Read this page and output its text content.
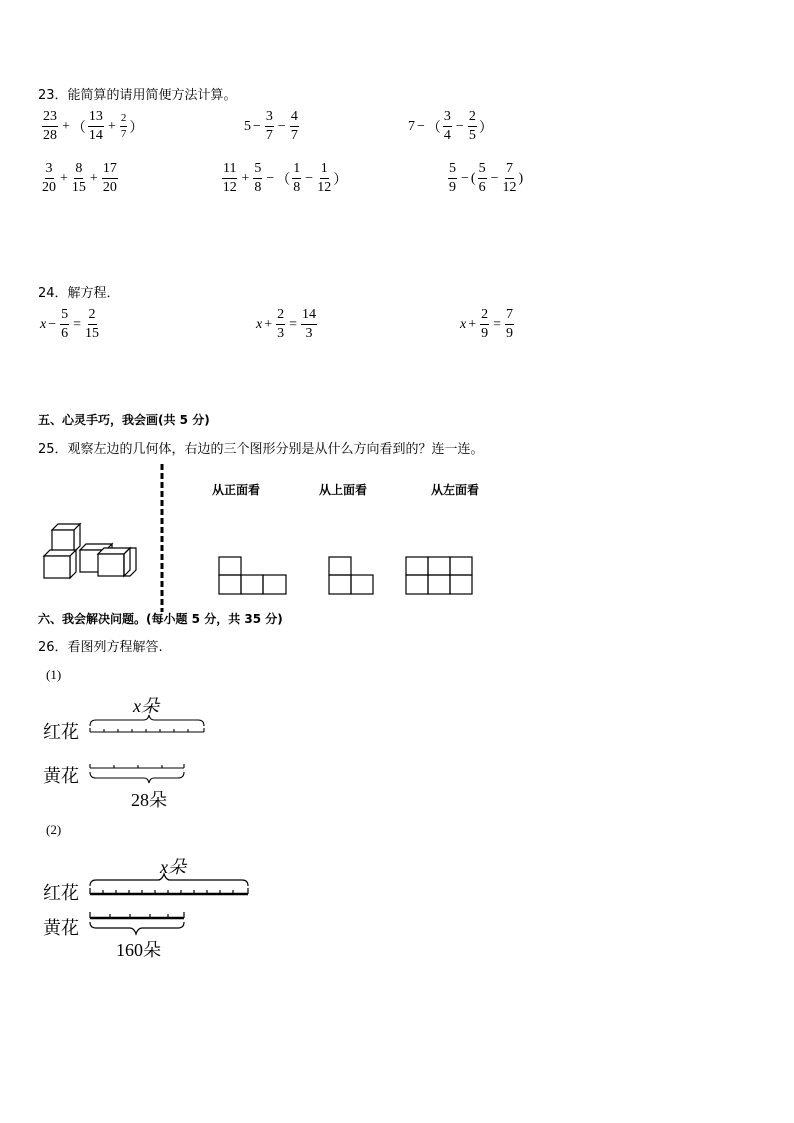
23．能简算的请用简便方法计算。
23
28
+ （
13
14
+ $\frac{2}{7}$ ）	$5 - \frac{3}{7} - \frac{4}{7}$	7 − （
3
4
− $\frac{2}{5}$ ）
3
20
+ $\frac{8}{15} + \frac{17}{20}$	11
12
+ $\frac{5}{8}$ − （
1
8
− $\frac{1}{12}$ ）
5
9
− (
5
6
− $\frac{7}{12}$ )
24．解方程．
$x - \frac{5}{6} = \frac{2}{15}$	$x + \frac{2}{3} = \frac{14}{3}$	$x + \frac{2}{9} = \frac{7}{9}$
五、心灵手巧，我会画(共 5 分)
25．观察左边的几何体，右边的三个图形分别是从什么方向看到的？连一连。
从正面看	从上面看	从左面看
六、我会解决问题。(每小题 5 分，共 35 分)
26．看图列方程解答.
(1)
x朵
红花
黄花
28朵
(2)
x朵
红花
黄花
160朵
